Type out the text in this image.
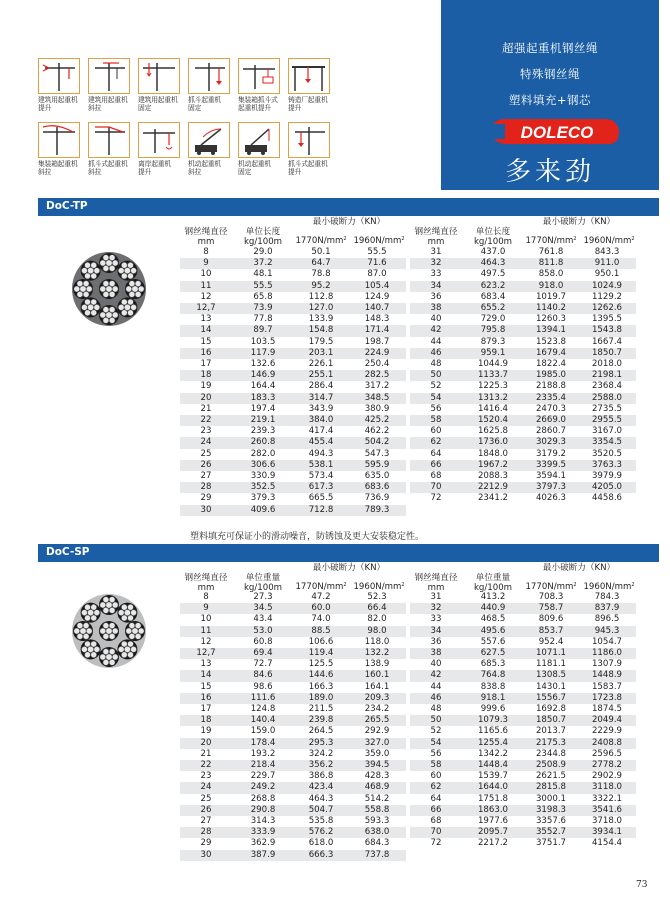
建筑用起重机
提升
建筑用起重机
斜拉
建筑用起重机
固定
抓斗起重机
固定
集装箱抓斗式
起重机提升
铸造厂起重机
提升
集装箱起重机
斜拉
抓斗式起重机
斜拉
离岸起重机
提升
机动起重机
斜拉
机动起重机
固定
抓斗式起重机
提升
超强起重机钢丝绳
特殊钢丝绳
塑料填充+钢芯
DOLECO
多来劲
DoC-TP
DoC-SP
钢丝绳直径
mm
单位长度
kg/100m
最小破断力（KN）
$1770N/mm^2$ $1960N/mm^2$
8	29.0	50.1	55.5
9	37.2	64.7	71.6
10	48.1	78.8	87.0
11	55.5	95.2	105.4
12	65.8	112.8	124.9
12,7	73.9	127.0	140.7
13	77.8	133.9	148.3
14	89.7	154.8	171.4
15	103.5	179.5	198.7
16	117.9	203.1	224.9
17	132.6	226.1	250.4
18	146.9	255.1	282.5
19	164.4	286.4	317.2
20	183.3	314.7	348.5
21	197.4	343.9	380.9
22	219.1	384.0	425.2
23	239.3	417.4	462.2
24	260.8	455.4	504.2
25	282.0	494.3	547.3
26	306.6	538.1	595.9
27	330.9	573.4	635.0
28	352.5	617.3	683.6
29	379.3	665.5	736.9
30	409.6	712.8	789.3
钢丝绳直径
mm
单位长度
kg/100m
最小破断力（KN）
$1770N/mm^2$ $1960N/mm^2$
31	437.0	761.8	843.3
32	464.3	811.8	911.0
33	497.5	858.0	950.1
34	623.2	918.0	1024.9
36	683.4	1019.7	1129.2
38	655.2	1140.2	1262.6
40	729.0	1260.3	1395.5
42	795.8	1394.1	1543.8
44	879.3	1523.8	1667.4
46	959.1	1679.4	1850.7
48	1044.9	1822.4	2018.0
50	1133.7	1985.0	2198.1
52	1225.3	2188.8	2368.4
54	1313.2	2335.4	2588.0
56	1416.4	2470.3	2735.5
58	1520.4	2669.0	2955.5
60	1625.8	2860.7	3167.0
62	1736.0	3029.3	3354.5
64	1848.0	3179.2	3520.5
66	1967.2	3399.5	3763.3
68	2088.3	3594.1	3979.9
70	2212.9	3797.3	4205.0
72	2341.2	4026.3	4458.6
钢丝绳直径
mm
单位重量
kg/100m
最小破断力（KN）
$1770N/mm^2$ $1960N/mm^2$
8	27.3	47.2	52.3
9	34.5	60.0	66.4
10	43.4	74.0	82.0
11	53.0	88.5	98.0
12	60.8	106.6	118.0
12,7	69.4	119.4	132.2
13	72.7	125.5	138.9
14	84.6	144.6	160.1
15	98.6	166.3	164.1
16	111.6	189.0	209.3
17	124.8	211.5	234.2
18	140.4	239.8	265.5
19	159.0	264.5	292.9
20	178.4	295.3	327.0
21	193.2	324.2	359.0
22	218.4	356.2	394.5
23	229.7	386.8	428.3
24	249.2	423.4	468.9
25	268.8	464.3	514.2
26	290.8	504.7	558.8
27	314.3	535.8	593.3
28	333.9	576.2	638.0
29	362.9	618.0	684.3
30	387.9	666.3	737.8
钢丝绳直径
mm
单位重量
kg/100m
最小破断力（KN）
$1770N/mm^2$ $1960N/mm^2$
31	413.2	708.3	784.3
32	440.9	758.7	837.9
33	468.5	809.6	896.5
34	495.6	853.7	945.3
36	557.6	952.4	1054.7
38	627.5	1071.1	1186.0
40	685.3	1181.1	1307.9
42	764.8	1308.5	1448.9
44	838.8	1430.1	1583.7
46	918.1	1556.7	1723.8
48	999.6	1692.8	1874.5
50	1079.3	1850.7	2049.4
52	1165.6	2013.7	2229.9
54	1255.4	2175.3	2408.8
56	1342.2	2344.8	2596.5
58	1448.4	2508.9	2778.2
60	1539.7	2621.5	2902.9
62	1644.0	2815.8	3118.0
64	1751.8	3000.1	3322.1
66	1863.0	3198.3	3541.6
68	1977.6	3357.6	3718.0
70	2095.7	3552.7	3934.1
72	2217.2	3751.7	4154.4
塑料填充可保证小的滑动噪音，防锈蚀及更大安装稳定性。
73
